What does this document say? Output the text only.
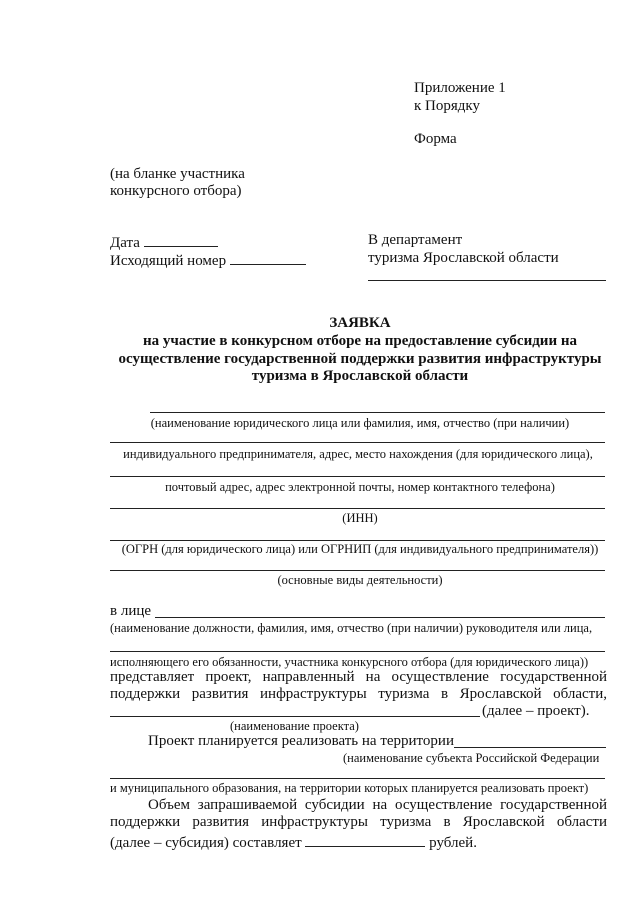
Приложение 1
к Порядку
Форма
(на бланке участника
конкурсного отбора)
Дата
Исходящий номер
В департамент
туризма Ярославской области
ЗАЯВКА
на участие в конкурсном отборе на предоставление субсидии на
осуществление государственной поддержки развития инфраструктуры
туризма в Ярославской области
(наименование юридического лица или фамилия, имя, отчество (при наличии)
индивидуального предпринимателя, адрес, место нахождения (для юридического лица),
почтовый адрес, адрес электронной почты, номер контактного телефона)
(ИНН)
(ОГРН (для юридического лица) или ОГРНИП (для индивидуального предпринимателя))
(основные виды деятельности)
в лице
(наименование должности, фамилия, имя, отчество (при наличии) руководителя или лица,
исполняющего его обязанности, участника конкурсного отбора (для юридического лица))
представляет проект, направленный на осуществление государственной
поддержки развития инфраструктуры туризма в Ярославской области,
(далее – проект).
(наименование проекта)
Проект планируется реализовать на территории
(наименование субъекта Российской Федерации
и муниципального образования, на территории которых планируется реализовать проект)
Объем запрашиваемой субсидии на осуществление государственной
поддержки развития инфраструктуры туризма в Ярославской области
(далее – субсидия) составляет	рублей.
